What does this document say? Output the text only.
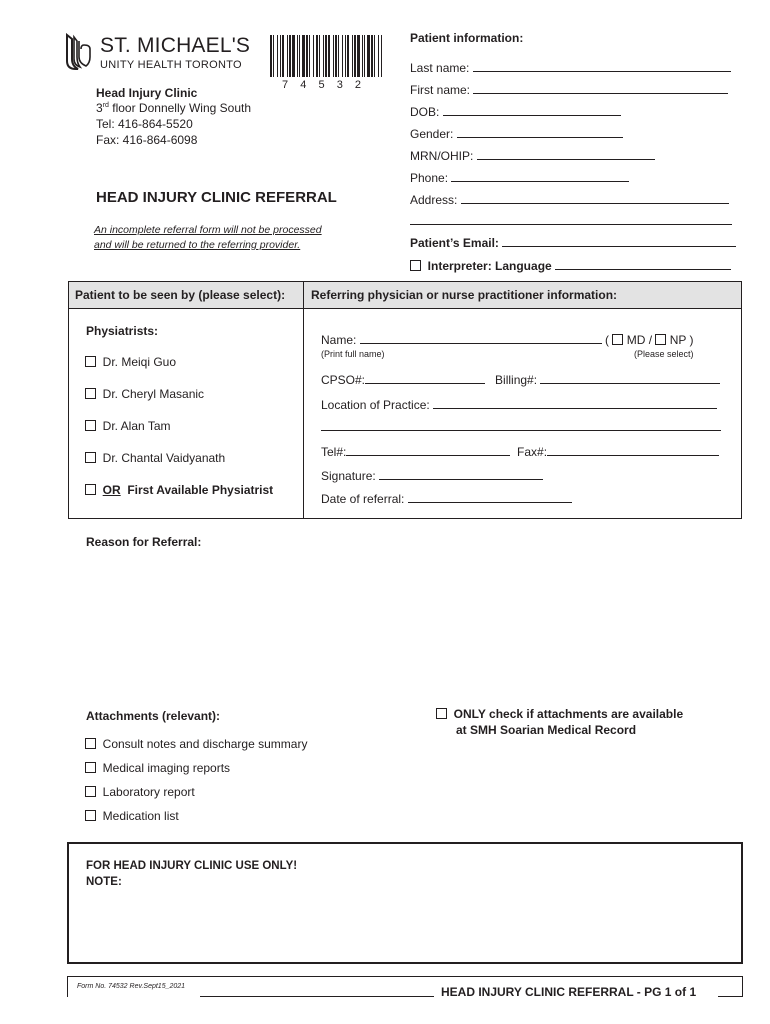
ST. MICHAEL'S
UNITY HEALTH TORONTO
7  4  5  3  2
Head Injury Clinic
3rd floor Donnelly Wing South
Tel: 416-864-5520
Fax: 416-864-6098
HEAD INJURY CLINIC REFERRAL
An incomplete referral form will not be processed
and will be returned to the referring provider.
Patient information:
Last name:
First name:
DOB:
Gender:
MRN/OHIP:
Phone:
Address:
Patient’s Email:
Interpreter: Language
Patient to be seen by (please select): Referring physician or nurse practitioner information:
Physiatrists:
Dr. Meiqi Guo
Dr. Cheryl Masanic
Dr. Alan Tam
Dr. Chantal Vaidyanath
OR First Available Physiatrist
Name:	(  MD /  NP )
(Print full name)	(Please select)
CPSO#:	Billing#:
Location of Practice:
Tel#:	Fax#:
Signature:
Date of referral:
Reason for Referral:
Attachments (relevant):
Consult notes and discharge summary
Medical imaging reports
Laboratory report
Medication list
ONLY check if attachments are available
at SMH Soarian Medical Record
FOR HEAD INJURY CLINIC USE ONLY!
NOTE:
Form No. 74532 Rev.Sept15_2021	HEAD INJURY CLINIC REFERRAL - PG 1 of 1
